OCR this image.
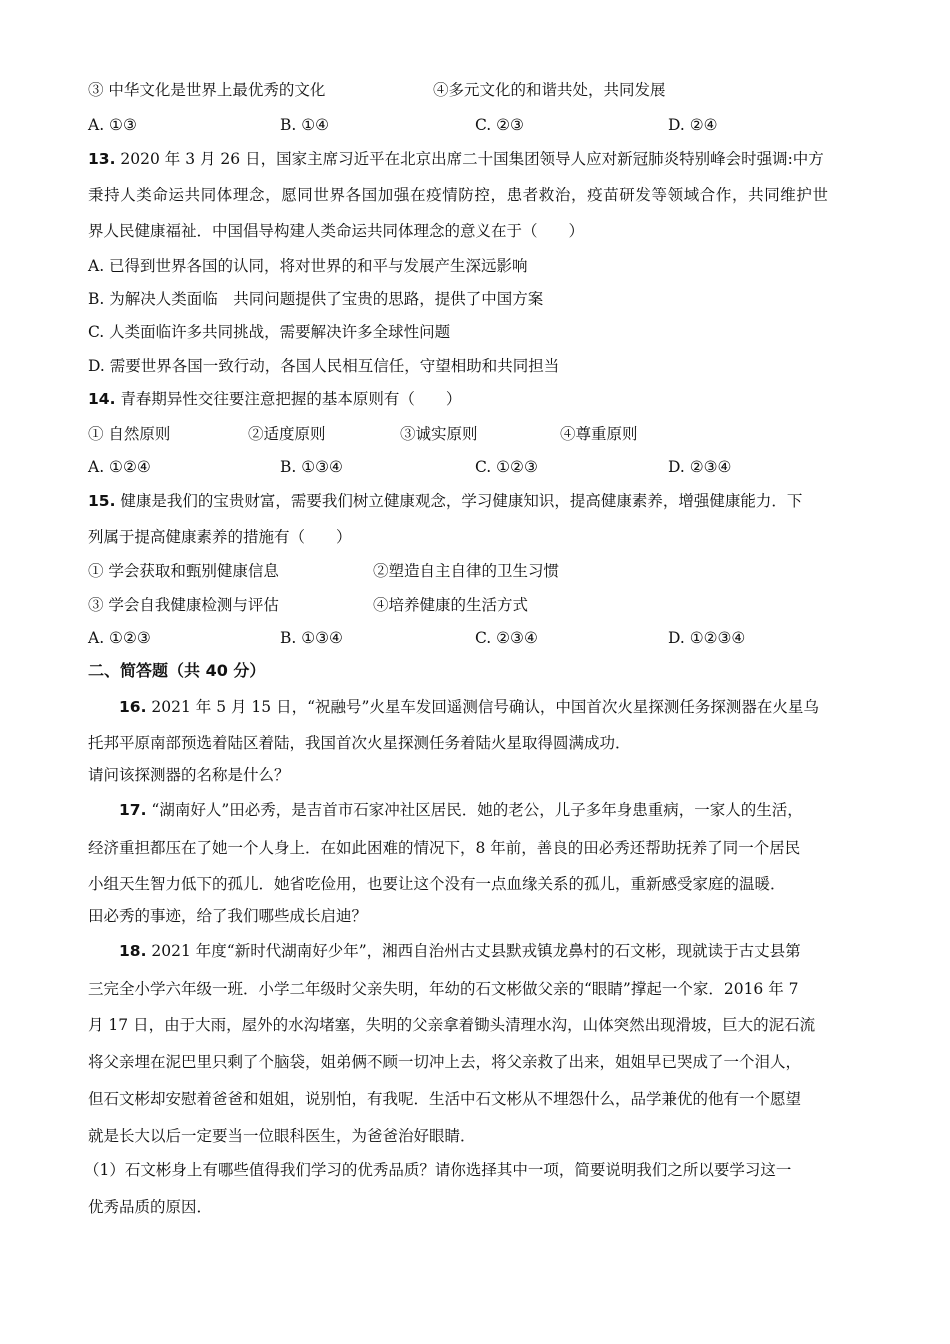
③ 中华文化是世界上最优秀的文化	④多元文化的和谐共处，共同发展
A. ①③	B. ①④	C. ②③	D. ②④
13. 2020 年 3 月 26 日，国家主席习近平在北京出席二十国集团领导人应对新冠肺炎特别峰会时强调:中方
秉持人类命运共同体理念，愿同世界各国加强在疫情防控，患者救治，疫苗研发等领域合作，共同维护世
界人民健康福祉．中国倡导构建人类命运共同体理念的意义在于（　　）
A. 已得到世界各国的认同，将对世界的和平与发展产生深远影响
B. 为解决人类面临　共同问题提供了宝贵的思路，提供了中国方案
C. 人类面临许多共同挑战，需要解决许多全球性问题
D. 需要世界各国一致行动，各国人民相互信任，守望相助和共同担当
14. 青春期异性交往要注意把握的基本原则有（　　）
① 自然原则	②适度原则	③诚实原则	④尊重原则
A. ①②④	B. ①③④	C. ①②③	D. ②③④
15. 健康是我们的宝贵财富，需要我们树立健康观念，学习健康知识，提高健康素养，增强健康能力．下
列属于提高健康素养的措施有（　　）
① 学会获取和甄别健康信息	②塑造自主自律的卫生习惯
③ 学会自我健康检测与评估	④培养健康的生活方式
A. ①②③	B. ①③④	C. ②③④	D. ①②③④
二、简答题（共 40 分）
16. 2021 年 5 月 15 日，“祝融号”火星车发回遥测信号确认，中国首次火星探测任务探测器在火星乌
托邦平原南部预选着陆区着陆，我国首次火星探测任务着陆火星取得圆满成功．
请问该探测器的名称是什么？
17. “湖南好人”田必秀，是吉首市石家冲社区居民．她的老公，儿子多年身患重病，一家人的生活，
经济重担都压在了她一个人身上．在如此困难的情况下，8 年前，善良的田必秀还帮助抚养了同一个居民
小组天生智力低下的孤儿．她省吃俭用，也要让这个没有一点血缘关系的孤儿，重新感受家庭的温暖．
田必秀的事迹，给了我们哪些成长启迪？
18. 2021 年度“新时代湖南好少年”，湘西自治州古丈县默戎镇龙鼻村的石文彬，现就读于古丈县第
三完全小学六年级一班．小学二年级时父亲失明，年幼的石文彬做父亲的“眼睛”撑起一个家．2016 年 7
月 17 日，由于大雨，屋外的水沟堵塞，失明的父亲拿着锄头清理水沟，山体突然出现滑坡，巨大的泥石流
将父亲埋在泥巴里只剩了个脑袋，姐弟俩不顾一切冲上去，将父亲救了出来，姐姐早已哭成了一个泪人，
但石文彬却安慰着爸爸和姐姐，说别怕，有我呢．生活中石文彬从不埋怨什么，品学兼优的他有一个愿望
就是长大以后一定要当一位眼科医生，为爸爸治好眼睛．
（1）石文彬身上有哪些值得我们学习的优秀品质？请你选择其中一项，简要说明我们之所以要学习这一
优秀品质的原因．
